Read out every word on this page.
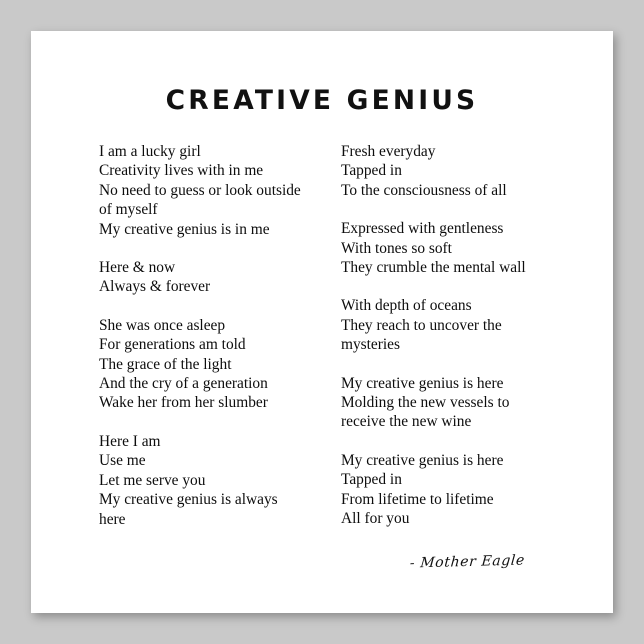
CREATIVE GENIUS
I am a lucky girl
Creativity lives with in me
No need to guess or look outside
of myself
My creative genius is in me
Here & now
Always & forever
She was once asleep
For generations am told
The grace of the light
And the cry of a generation
Wake her from her slumber
Here I am
Use me
Let me serve you
My creative genius is always
here
Fresh everyday
Tapped in
To the consciousness of all
Expressed with gentleness
With tones so soft
They crumble the mental wall
With depth of oceans
They reach to uncover the
mysteries
My creative genius is here
Molding the new vessels to
receive the new wine
My creative genius is here
Tapped in
From lifetime to lifetime
All for you
- Mother Eagle
